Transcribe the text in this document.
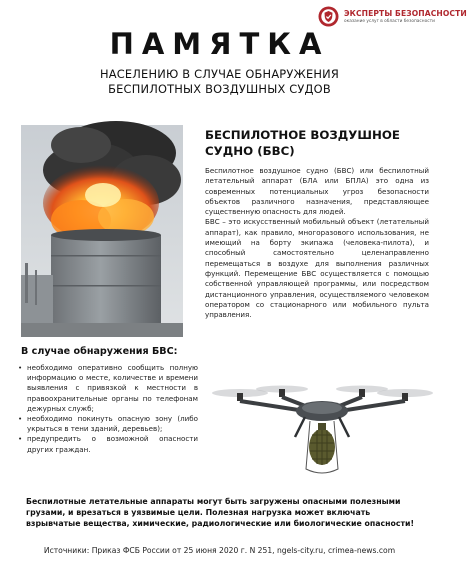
ЭКСПЕРТЫ БЕЗОПАСНОСТИ
оказание услуг в области безопасности
ПАМЯТКА
НАСЕЛЕНИЮ В СЛУЧАЕ ОБНАРУЖЕНИЯ
БЕСПИЛОТНЫХ ВОЗДУШНЫХ СУДОВ
БЕСПИЛОТНОЕ ВОЗДУШНОЕ
СУДНО (БВС)

Беспилотное воздушное судно (БВС) или беспилотный летательный аппарат (БЛА или БПЛА) это одна из современных потенциальных угроз безопасности объектов различного назначения, представляющее существенную опасность для людей.

БВС – это искусственный мобильный объект (летательный аппарат), как правило, многоразового использования, не имеющий на борту экипажа (человека-пилота), и способный самостоятельно целенаправленно перемещаться в воздухе для выполнения различных функций. Перемещение БВС осуществляется с помощью собственной управляющей программы, или посредством дистанционного управления, осуществляемого человеком оператором со стационарного или мобильного пульта управления.

В случае обнаружения БВС:
• необходимо оперативно сообщить полную информацию о месте, количестве и времени выявления с привязкой к местности в правоохранительные органы по телефонам дежурных служб;
• необходимо покинуть опасную зону (либо укрыться в тени зданий, деревьев);
• предупредить о возможной опасности других граждан.
Беспилотные летательные аппараты могут быть загружены опасными полезными грузами, и врезаться в уязвимые цели. Полезная нагрузка может включать взрывчатые вещества, химические, радиологические или биологические опасности!
Источники: Приказ ФСБ России от 25 июня 2020 г. N 251, ngels-city.ru, crimea-news.com
